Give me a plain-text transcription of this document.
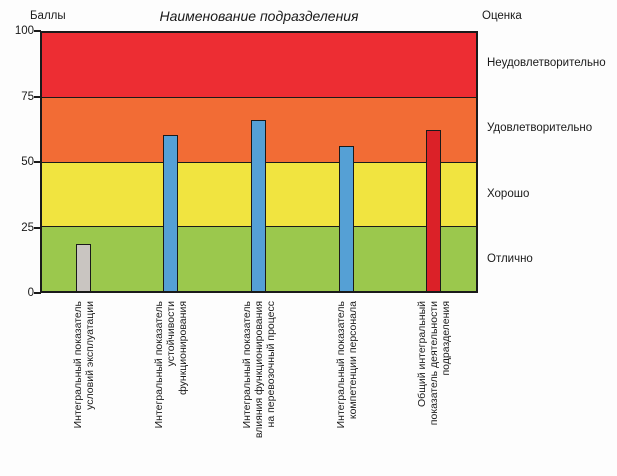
Баллы	Наименование подразделения	Оценка
0
25
50
75
100
Отлично
Хорошо
Удовлетворительно
Неудовлетворительно
Интегральный показатель условий эксплуатации	Интегральный показатель устойчивости функционирования	Интегральный показатель влияния функционирования на перевозочный процесс	Интегральный показатель компетенции персонала	Общий интегральный показатель деятельности подразделения
